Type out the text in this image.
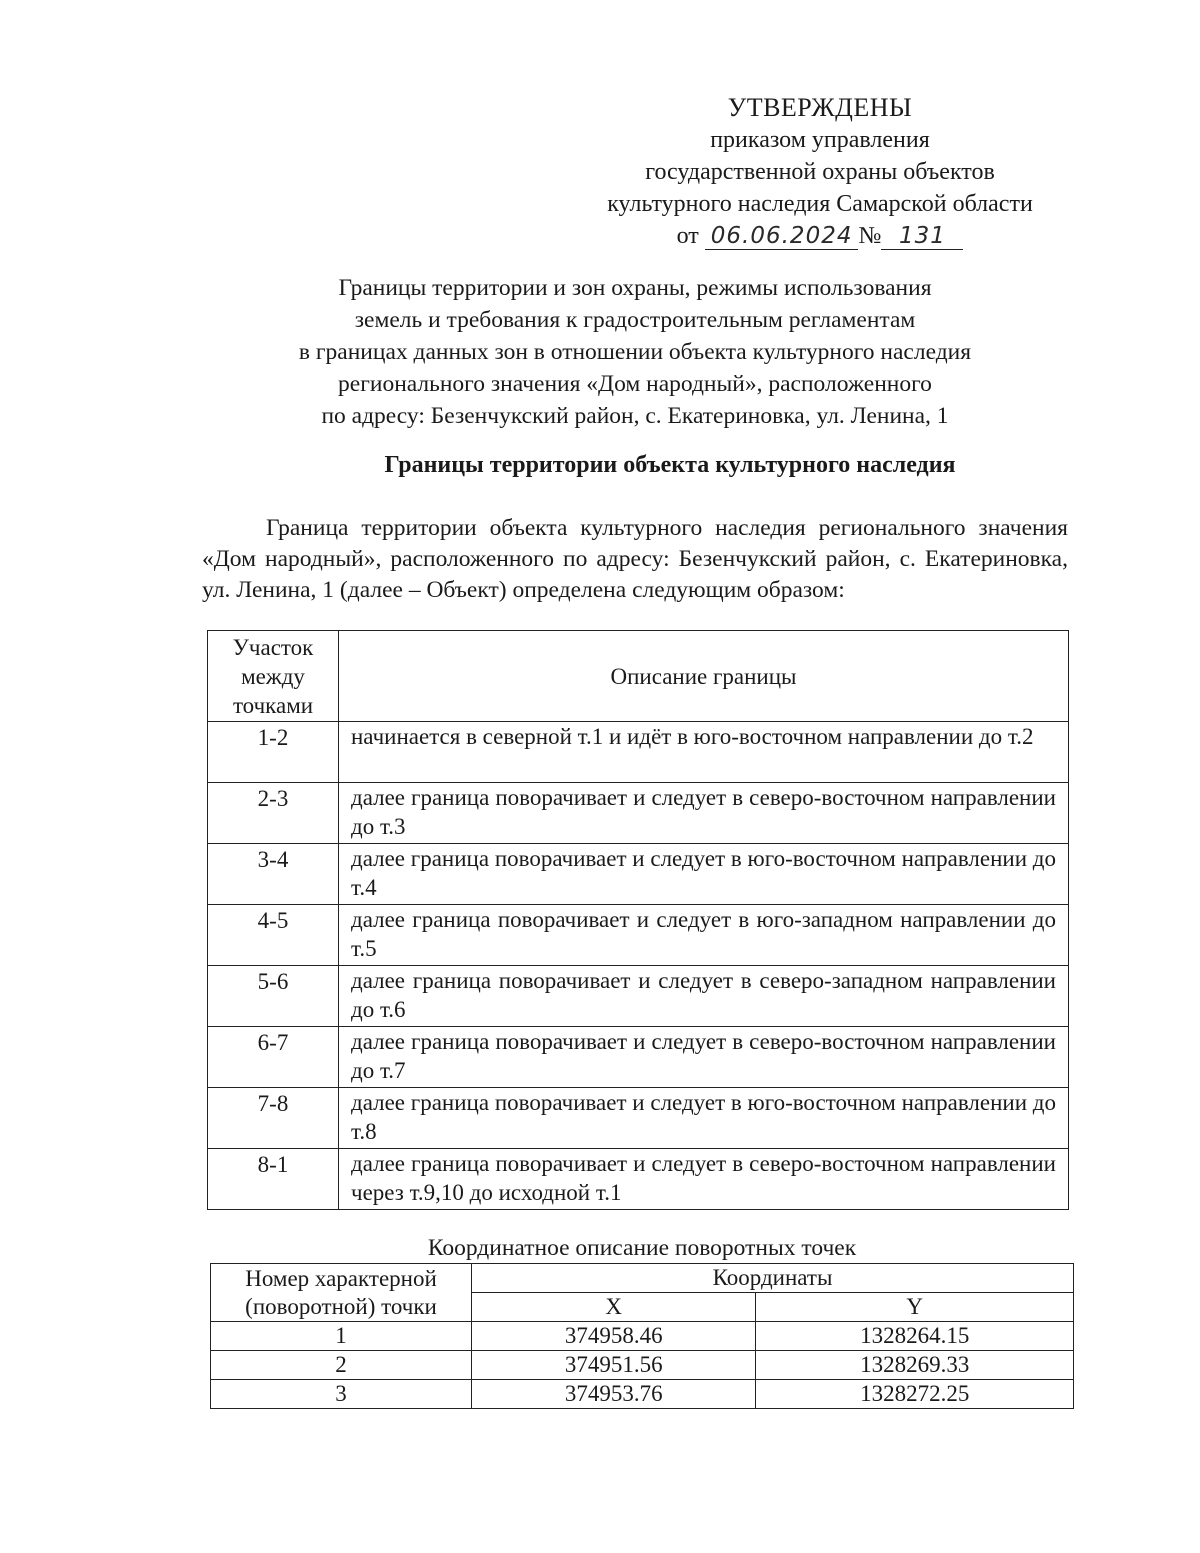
УТВЕРЖДЕНЫ
приказом управления
государственной охраны объектов
культурного наследия Самарской области
от 06.06.2024 № 131
Границы территории и зон охраны, режимы использования
земель и требования к градостроительным регламентам
в границах данных зон в отношении объекта культурного наследия
регионального значения «Дом народный», расположенного
по адресу: Безенчукский район, с. Екатериновка, ул. Ленина, 1
Границы территории объекта культурного наследия
Граница территории объекта культурного наследия регионального значения «Дом народный», расположенного по адресу: Безенчукский район, с. Екатериновка, ул. Ленина, 1 (далее – Объект) определена следующим образом:
Участок между точками	Описание границы
1-2	начинается в северной т.1 и идёт в юго-восточном направлении до т.2
2-3	далее граница поворачивает и следует в северо-восточном направлении до т.3
3-4	далее граница поворачивает и следует в юго-восточном направлении до т.4
4-5	далее граница поворачивает и следует в юго-западном направлении до т.5
5-6	далее граница поворачивает и следует в северо-западном направлении до т.6
6-7	далее граница поворачивает и следует в северо-восточном направлении до т.7
7-8	далее граница поворачивает и следует в юго-восточном направлении до т.8
8-1	далее граница поворачивает и следует в северо-восточном направлении через т.9,10 до исходной т.1
Координатное описание поворотных точек
Номер характерной (поворотной) точки	Координаты	
	X	Y
1	374958.46	1328264.15
2	374951.56	1328269.33
3	374953.76	1328272.25
